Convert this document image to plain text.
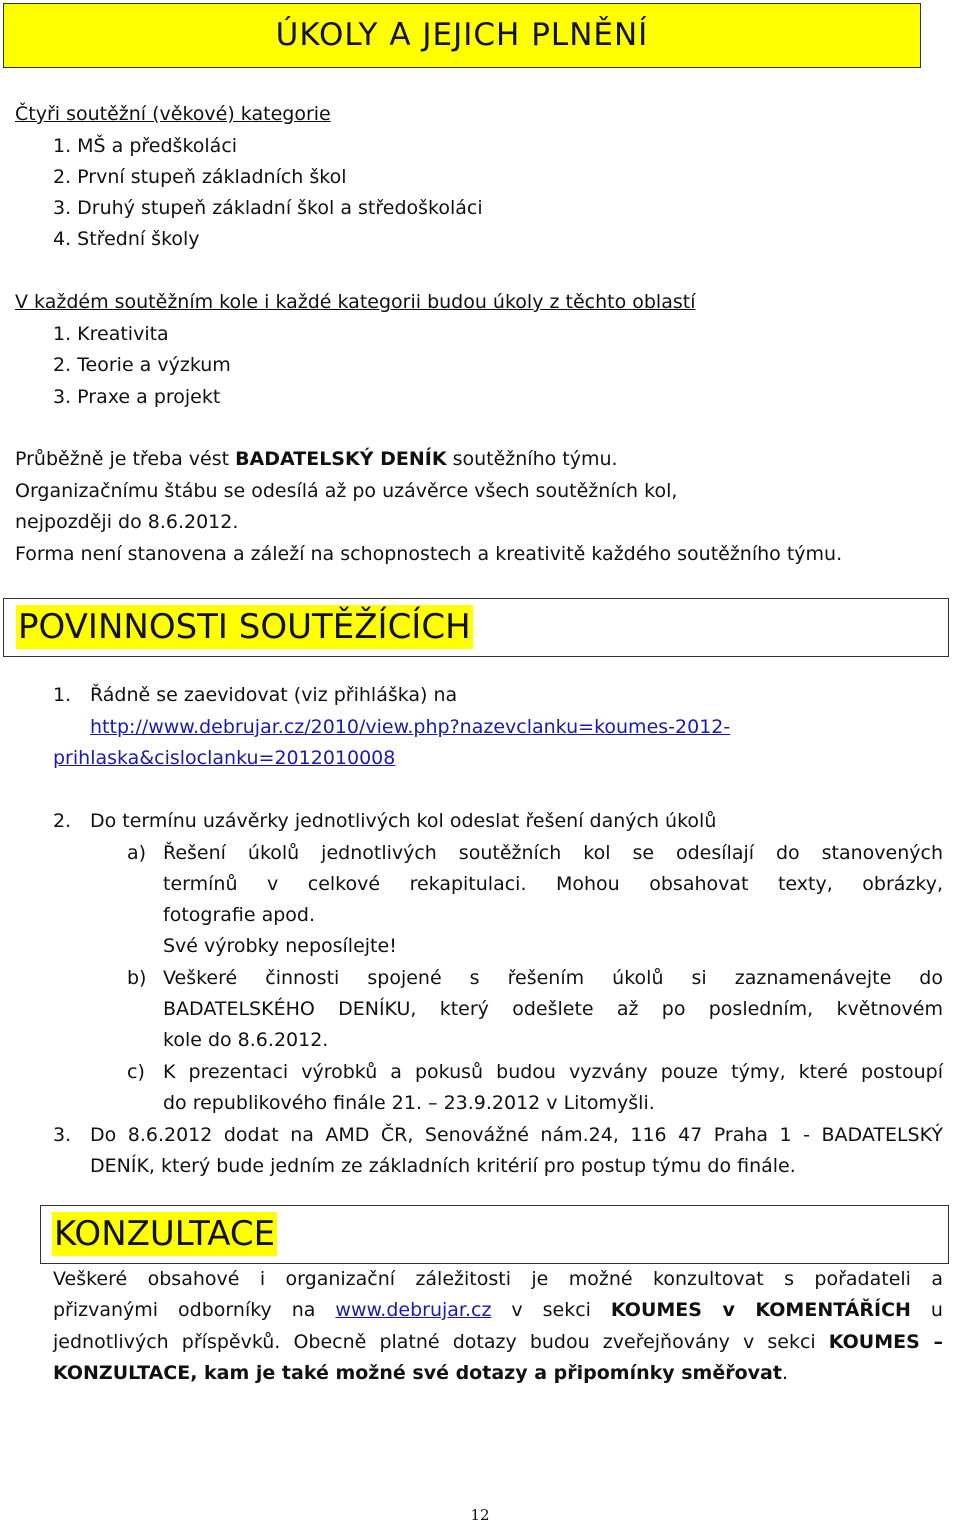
ÚKOLY A JEJICH PLNĚNÍ
Čtyři soutěžní (věkové) kategorie
1. MŠ a předškoláci
2. První stupeň základních škol
3. Druhý stupeň základní škol a středoškoláci
4. Střední školy
V každém soutěžním kole i každé kategorii budou úkoly z těchto oblastí
1. Kreativita
2. Teorie a výzkum
3. Praxe a projekt
Průběžně je třeba vést BADATELSKÝ DENÍK soutěžního týmu.
Organizačnímu štábu se odesílá až po uzávěrce všech soutěžních kol,
nejpozději do 8.6.2012.
Forma není stanovena a záleží na schopnostech a kreativitě každého soutěžního týmu.
POVINNOSTI SOUTĚŽÍCÍCH
1. Řádně se zaevidovat (viz přihláška) na
http://www.debrujar.cz/2010/view.php?nazevclanku=koumes-2012-
prihlaska&cisloclanku=2012010008
2. Do termínu uzávěrky jednotlivých kol odeslat řešení daných úkolů
a) Řešení úkolů jednotlivých soutěžních kol se odesílají do stanovených
termínů v celkové rekapitulaci. Mohou obsahovat texty, obrázky,
fotografie apod.
Své výrobky neposílejte!
b) Veškeré činnosti spojené s řešením úkolů si zaznamenávejte do
BADATELSKÉHO DENÍKU, který odešlete až po posledním, květnovém
kole do 8.6.2012.
c) K prezentaci výrobků a pokusů budou vyzvány pouze týmy, které postoupí
do republikového finále 21. – 23.9.2012 v Litomyšli.
3. Do 8.6.2012 dodat na AMD ČR, Senovážné nám.24, 116 47 Praha 1 - BADATELSKÝ
DENÍK, který bude jedním ze základních kritérií pro postup týmu do finále.
KONZULTACE
Veškeré obsahové i organizační záležitosti je možné konzultovat s pořadateli a
přizvanými odborníky na www.debrujar.cz v sekci KOUMES v KOMENTÁŘÍCH u
jednotlivých příspěvků. Obecně platné dotazy budou zveřejňovány v sekci KOUMES –
KONZULTACE, kam je také možné své dotazy a připomínky směřovat.
12
